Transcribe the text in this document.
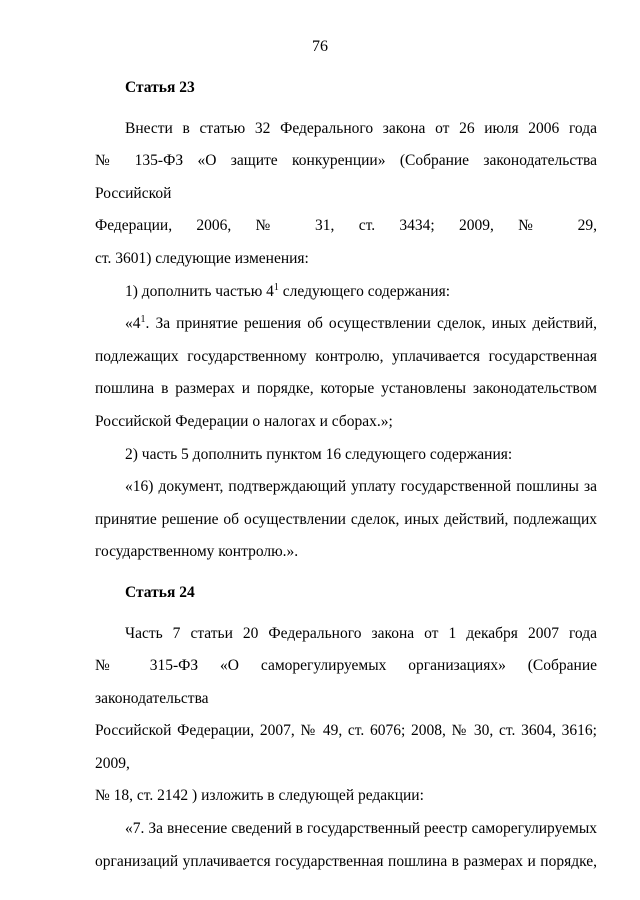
76

Статья 23

Внести в статью 32 Федерального закона от 26 июля 2006 года
№ 135-ФЗ «О защите конкуренции» (Собрание законодательства Российской
Федерации, 2006, № 31, ст. 3434; 2009, № 29,
ст. 3601) следующие изменения:

1) дополнить частью $4^1$ следующего содержания:

«$4^1$. За принятие решения об осуществлении сделок, иных действий,
подлежащих государственному контролю, уплачивается государственная
пошлина в размерах и порядке, которые установлены законодательством
Российской Федерации о налогах и сборах.»;

2) часть 5 дополнить пунктом 16 следующего содержания:

«16) документ, подтверждающий уплату государственной пошлины за
принятие решение об осуществлении сделок, иных действий, подлежащих
государственному контролю.».

Статья 24

Часть 7 статьи 20 Федерального закона от 1 декабря 2007 года
№ 315-ФЗ «О саморегулируемых организациях» (Собрание законодательства
Российской Федерации, 2007, № 49, ст. 6076; 2008, № 30, ст. 3604, 3616; 2009,
№ 18, ст. 2142 ) изложить в следующей редакции:

«7. За внесение сведений в государственный реестр саморегулируемых
организаций уплачивается государственная пошлина в размерах и порядке,
